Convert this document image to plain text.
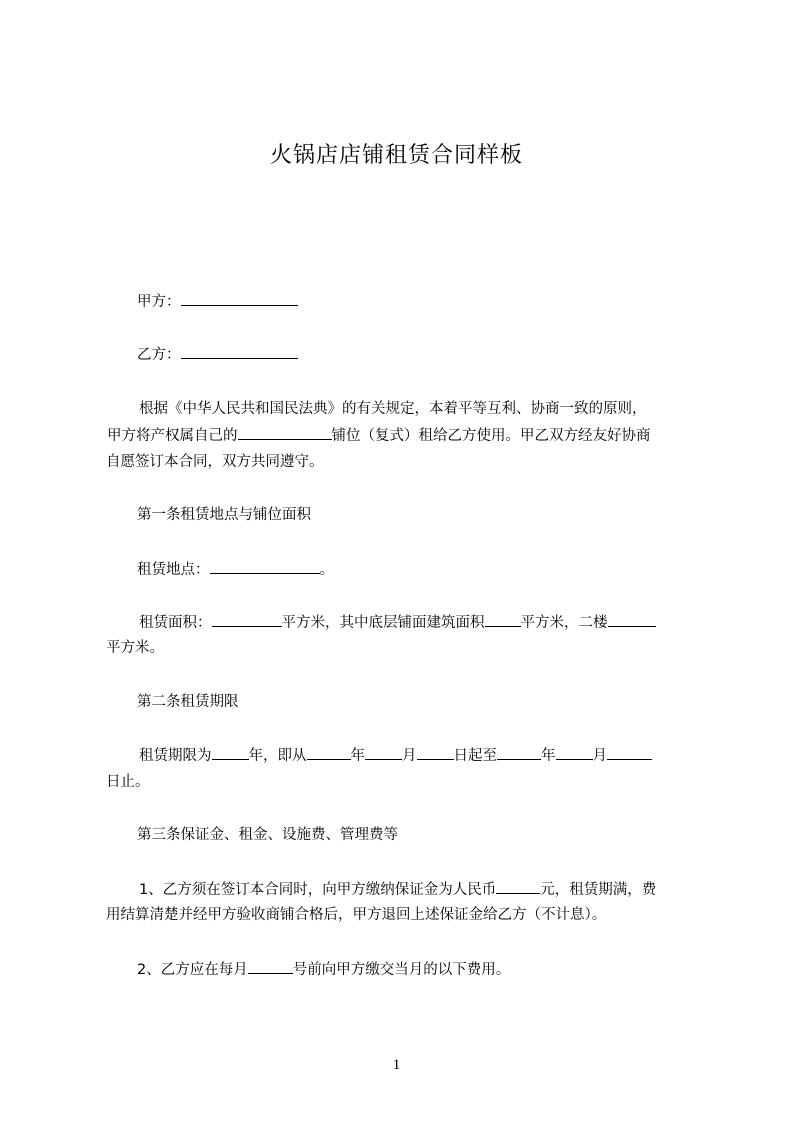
火锅店店铺租赁合同样板
甲方：
乙方：
根据《中华人民共和国民法典》的有关规定，本着平等互利、协商一致的原则，
甲方将产权属自己的	铺位（复式）租给乙方使用。甲乙双方经友好协商
自愿签订本合同，双方共同遵守。
第一条租赁地点与铺位面积
租赁地点：	。
租赁面积：	平方米，其中底层铺面建筑面积 平方米，二楼
平方米。
第二条租赁期限
租赁期限为	年，即从	年	月	日起至	年	月
日止。
第三条保证金、租金、设施费、管理费等
1、乙方须在签订本合同时，向甲方缴纳保证金为人民币	元，租赁期满，费
用结算清楚并经甲方验收商铺合格后，甲方退回上述保证金给乙方（不计息）。
2、乙方应在每月	号前向甲方缴交当月的以下费用。
1
